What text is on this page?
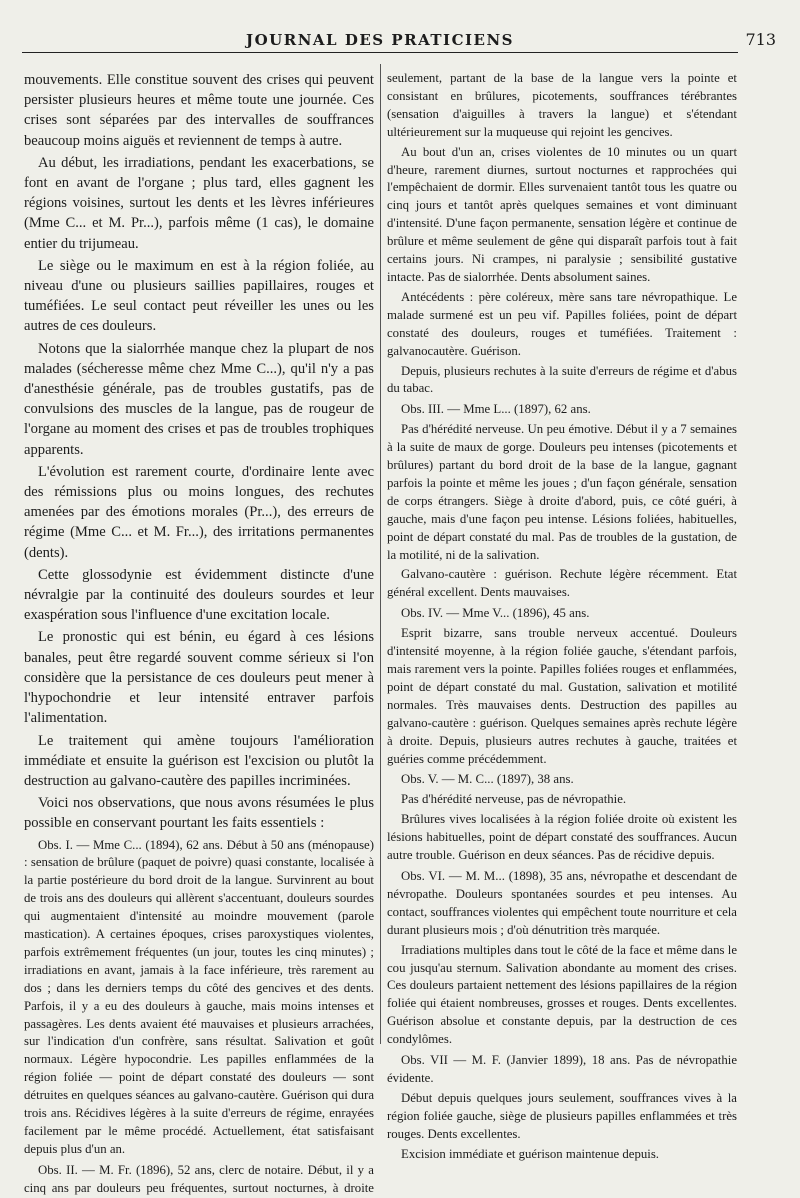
JOURNAL DES PRATICIENS	713

mouvements. Elle constitue souvent des crises qui peuvent persister plusieurs heures et même toute une journée. Ces crises sont séparées par des intervalles de souffrances beaucoup moins aiguës et reviennent de temps à autre.

Au début, les irradiations, pendant les exacerbations, se font en avant de l'organe ; plus tard, elles gagnent les régions voisines, surtout les dents et les lèvres inférieures (Mme C... et M. Pr...), parfois même (1 cas), le domaine entier du trijumeau.

Le siège ou le maximum en est à la région foliée, au niveau d'une ou plusieurs saillies papillaires, rouges et tuméfiées. Le seul contact peut réveiller les unes ou les autres de ces douleurs.

Notons que la sialorrhée manque chez la plupart de nos malades (sécheresse même chez Mme C...), qu'il n'y a pas d'anesthésie générale, pas de troubles gustatifs, pas de convulsions des muscles de la langue, pas de rougeur de l'organe au moment des crises et pas de troubles trophiques apparents.

L'évolution est rarement courte, d'ordinaire lente avec des rémissions plus ou moins longues, des rechutes amenées par des émotions morales (Pr...), des erreurs de régime (Mme C... et M. Fr...), des irritations permanentes (dents).

Cette glossodynie est évidemment distincte d'une névralgie par la continuité des douleurs sourdes et leur exaspération sous l'influence d'une excitation locale.

Le pronostic qui est bénin, eu égard à ces lésions banales, peut être regardé souvent comme sérieux si l'on considère que la persistance de ces douleurs peut mener à l'hypochondrie et leur intensité entraver parfois l'alimentation.

Le traitement qui amène toujours l'amélioration immédiate et ensuite la guérison est l'excision ou plutôt la destruction au galvano-cautère des papilles incriminées.

Voici nos observations, que nous avons résumées le plus possible en conservant pourtant les faits essentiels :

Obs. I. — Mme C... (1894), 62 ans. Début à 50 ans (ménopause) : sensation de brûlure (paquet de poivre) quasi constante, localisée à la partie postérieure du bord droit de la langue. Survinrent au bout de trois ans des douleurs qui allèrent s'accentuant, douleurs sourdes qui augmentaient d'intensité au moindre mouvement (parole mastication). A certaines époques, crises paroxystiques violentes, parfois extrêmement fréquentes (un jour, toutes les cinq minutes) ; irradiations en avant, jamais à la face inférieure, très rarement au dos ; dans les derniers temps du côté des gencives et des dents. Parfois, il y a eu des douleurs à gauche, mais moins intenses et passagères. Les dents avaient été mauvaises et plusieurs arrachées, sur l'indication d'un confrère, sans résultat. Salivation et goût normaux. Légère hypocondrie. Les papilles enflammées de la région foliée — point de départ constaté des douleurs — sont détruites en quelques séances au galvano-cautère. Guérison qui dura trois ans. Récidives légères à la suite d'erreurs de régime, enrayées facilement par le même procédé. Actuellement, état satisfaisant depuis plus d'un an.

Obs. II. — M. Fr. (1896), 52 ans, clerc de notaire. Début, il y a cinq ans par douleurs peu fréquentes, surtout nocturnes, à droite

seulement, partant de la base de la langue vers la pointe et consistant en brûlures, picotements, souffrances térébrantes (sensation d'aiguilles à travers la langue) et s'étendant ultérieurement sur la muqueuse qui rejoint les gencives.

Au bout d'un an, crises violentes de 10 minutes ou un quart d'heure, rarement diurnes, surtout nocturnes et rapprochées qui l'empêchaient de dormir. Elles survenaient tantôt tous les quatre ou cinq jours et tantôt après quelques semaines et vont diminuant d'intensité. D'une façon permanente, sensation légère et continue de brûlure et même seulement de gêne qui disparaît parfois tout à fait certains jours. Ni crampes, ni paralysie ; sensibilité gustative intacte. Pas de sialorrhée. Dents absolument saines.

Antécédents : père coléreux, mère sans tare névropathique. Le malade surmené est un peu vif. Papilles foliées, point de départ constaté des douleurs, rouges et tuméfiées. Traitement : galvanocautère. Guérison.

Depuis, plusieurs rechutes à la suite d'erreurs de régime et d'abus du tabac.

Obs. III. — Mme L... (1897), 62 ans.

Pas d'hérédité nerveuse. Un peu émotive. Début il y a 7 semaines à la suite de maux de gorge. Douleurs peu intenses (picotements et brûlures) partant du bord droit de la base de la langue, gagnant parfois la pointe et même les joues ; d'un façon générale, sensation de corps étrangers. Siège à droite d'abord, puis, ce côté guéri, à gauche, mais d'une façon peu intense. Lésions foliées, habituelles, point de départ constaté du mal. Pas de troubles de la gustation, de la motilité, ni de la salivation.

Galvano-cautère : guérison. Rechute légère récemment. Etat général excellent. Dents mauvaises.

Obs. IV. — Mme V... (1896), 45 ans.

Esprit bizarre, sans trouble nerveux accentué. Douleurs d'intensité moyenne, à la région foliée gauche, s'étendant parfois, mais rarement vers la pointe. Papilles foliées rouges et enflammées, point de départ constaté du mal. Gustation, salivation et motilité normales. Très mauvaises dents. Destruction des papilles au galvano-cautère : guérison. Quelques semaines après rechute légère à droite. Depuis, plusieurs autres rechutes à gauche, traitées et guéries comme précédemment.

Obs. V. — M. C... (1897), 38 ans.

Pas d'hérédité nerveuse, pas de névropathie.

Brûlures vives localisées à la région foliée droite où existent les lésions habituelles, point de départ constaté des souffrances. Aucun autre trouble. Guérison en deux séances. Pas de récidive depuis.

Obs. VI. — M. M... (1898), 35 ans, névropathe et descendant de névropathe. Douleurs spontanées sourdes et peu intenses. Au contact, souffrances violentes qui empêchent toute nourriture et cela durant plusieurs mois ; d'où dénutrition très marquée.

Irradiations multiples dans tout le côté de la face et même dans le cou jusqu'au sternum. Salivation abondante au moment des crises. Ces douleurs partaient nettement des lésions papillaires de la région foliée qui étaient nombreuses, grosses et rouges. Dents excellentes. Guérison absolue et constante depuis, par la destruction de ces condylômes.

Obs. VII — M. F. (Janvier 1899), 18 ans. Pas de névropathie évidente.

Début depuis quelques jours seulement, souffrances vives à la région foliée gauche, siège de plusieurs papilles enflammées et très rouges. Dents excellentes.

Excision immédiate et guérison maintenue depuis.
